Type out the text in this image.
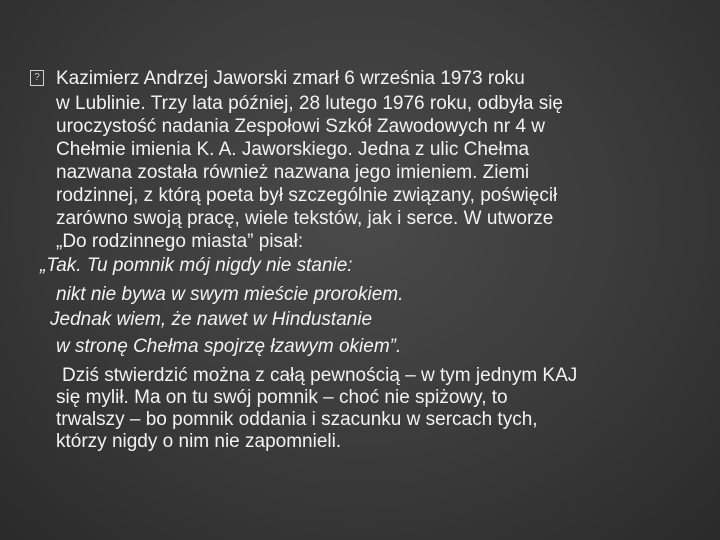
? Kazimierz Andrzej Jaworski zmarł 6 września 1973 roku
w Lublinie. Trzy lata później, 28 lutego 1976 roku, odbyła się
uroczystość nadania Zespołowi Szkół Zawodowych nr 4 w
Chełmie imienia K. A. Jaworskiego. Jedna z ulic Chełma
nazwana została również nazwana jego imieniem. Ziemi
rodzinnej, z którą poeta był szczególnie związany, poświęcił
zarówno swoją pracę, wiele tekstów, jak i serce. W utworze
„Do rodzinnego miasta” pisał:
„Tak. Tu pomnik mój nigdy nie stanie:
nikt nie bywa w swym mieście prorokiem.
Jednak wiem, że nawet w Hindustanie
w stronę Chełma spojrzę łzawym okiem”.
Dziś stwierdzić można z całą pewnością – w tym jednym KAJ
się mylił. Ma on tu swój pomnik – choć nie spiżowy, to
trwalszy – bo pomnik oddania i szacunku w sercach tych,
którzy nigdy o nim nie zapomnieli.
